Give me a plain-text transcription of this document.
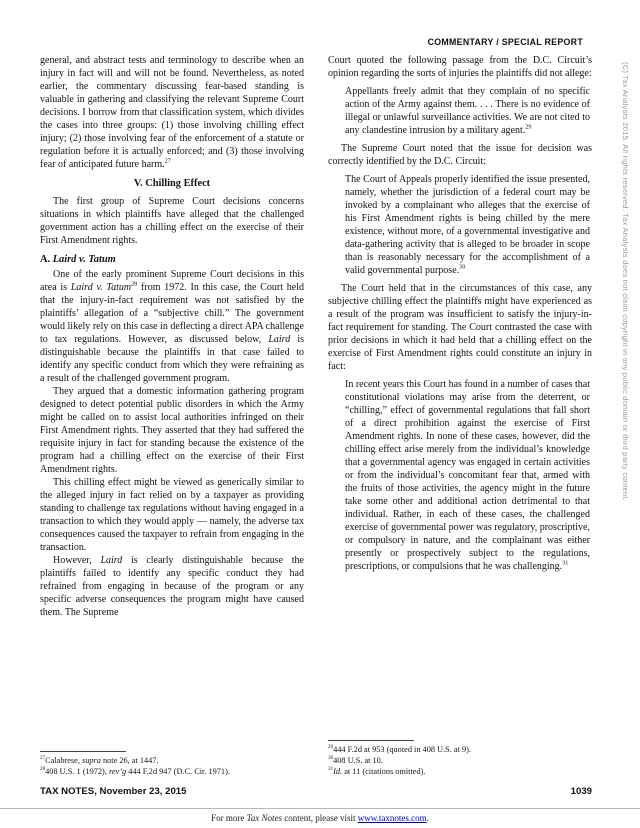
COMMENTARY / SPECIAL REPORT

general, and abstract tests and terminology to describe when an injury in fact will and will not be found. Nevertheless, as noted earlier, the commentary discussing fear-based standing is valuable in gathering and classifying the relevant Supreme Court decisions. I borrow from that classification system, which divides the cases into three groups: (1) those involving chilling effect injury; (2) those involving fear of the enforcement of a statute or regulation before it is actually enforced; and (3) those involving fear of anticipated future harm.$^{27}$

V. Chilling Effect

The first group of Supreme Court decisions concerns situations in which plaintiffs have alleged that the challenged government action has a chilling effect on the exercise of their First Amendment rights.

A. Laird v. Tatum

One of the early prominent Supreme Court decisions in this area is Laird v. Tatum$^{28}$ from 1972. In this case, the Court held that the injury-in-fact requirement was not satisfied by the plaintiffs’ allegation of a “subjective chill.” The government would likely rely on this case in deflecting a direct APA challenge to tax regulations. However, as discussed below, Laird is distinguishable because the plaintiffs in that case failed to identify any specific conduct from which they were refraining as a result of the challenged government program.

They argued that a domestic information gathering program designed to detect potential public disorders in which the Army might be called on to assist local authorities infringed on their First Amendment rights. They asserted that they had suffered the requisite injury in fact for standing because the existence of the program had a chilling effect on the exercise of their First Amendment rights.

This chilling effect might be viewed as generically similar to the alleged injury in fact relied on by a taxpayer as providing standing to challenge tax regulations without having engaged in a transaction to which they would apply — namely, the adverse tax consequences caused the taxpayer to refrain from engaging in the transaction.

However, Laird is clearly distinguishable because the plaintiffs failed to identify any specific conduct they had refrained from engaging in because of the program or any specific adverse consequences the program might have caused them. The Supreme

$^{27}$Calabrese, supra note 26, at 1447.

$^{28}$408 U.S. 1 (1972), rev’g 444 F.2d 947 (D.C. Cir. 1971).

Court quoted the following passage from the D.C. Circuit’s opinion regarding the sorts of injuries the plaintiffs did not allege:

Appellants freely admit that they complain of no specific action of the Army against them. . . . There is no evidence of illegal or unlawful surveillance activities. We are not cited to any clandestine intrusion by a military agent.$^{29}$

The Supreme Court noted that the issue for decision was correctly identified by the D.C. Circuit:

The Court of Appeals properly identified the issue presented, namely, whether the jurisdiction of a federal court may be invoked by a complainant who alleges that the exercise of his First Amendment rights is being chilled by the mere existence, without more, of a governmental investigative and data-gathering activity that is alleged to be broader in scope than is reasonably necessary for the accomplishment of a valid governmental purpose.$^{30}$

The Court held that in the circumstances of this case, any subjective chilling effect the plaintiffs might have experienced as a result of the program was insufficient to satisfy the injury-in-fact requirement for standing. The Court contrasted the case with prior decisions in which it had held that a chilling effect on the exercise of First Amendment rights could constitute an injury in fact:

In recent years this Court has found in a number of cases that constitutional violations may arise from the deterrent, or “chilling,” effect of governmental regulations that fall short of a direct prohibition against the exercise of First Amendment rights. In none of these cases, however, did the chilling effect arise merely from the individual’s knowledge that a governmental agency was engaged in certain activities or from the individual’s concomitant fear that, armed with the fruits of those activities, the agency might in the future take some other and additional action detrimental to that individual. Rather, in each of these cases, the challenged exercise of governmental power was regulatory, proscriptive, or compulsory in nature, and the complainant was either presently or prospectively subject to the regulations, prescriptions, or compulsions that he was challenging.$^{31}$

$^{29}$444 F.2d at 953 (quoted in 408 U.S. at 9).

$^{30}$408 U.S. at 10.

$^{31}$Id. at 11 (citations omitted).

(C) Tax Analysts 2015. All rights reserved. Tax Analysts does not claim copyright in any public domain or third party content.
TAX NOTES, November 23, 2015	1039
For more Tax Notes content, please visit www.taxnotes.com.
